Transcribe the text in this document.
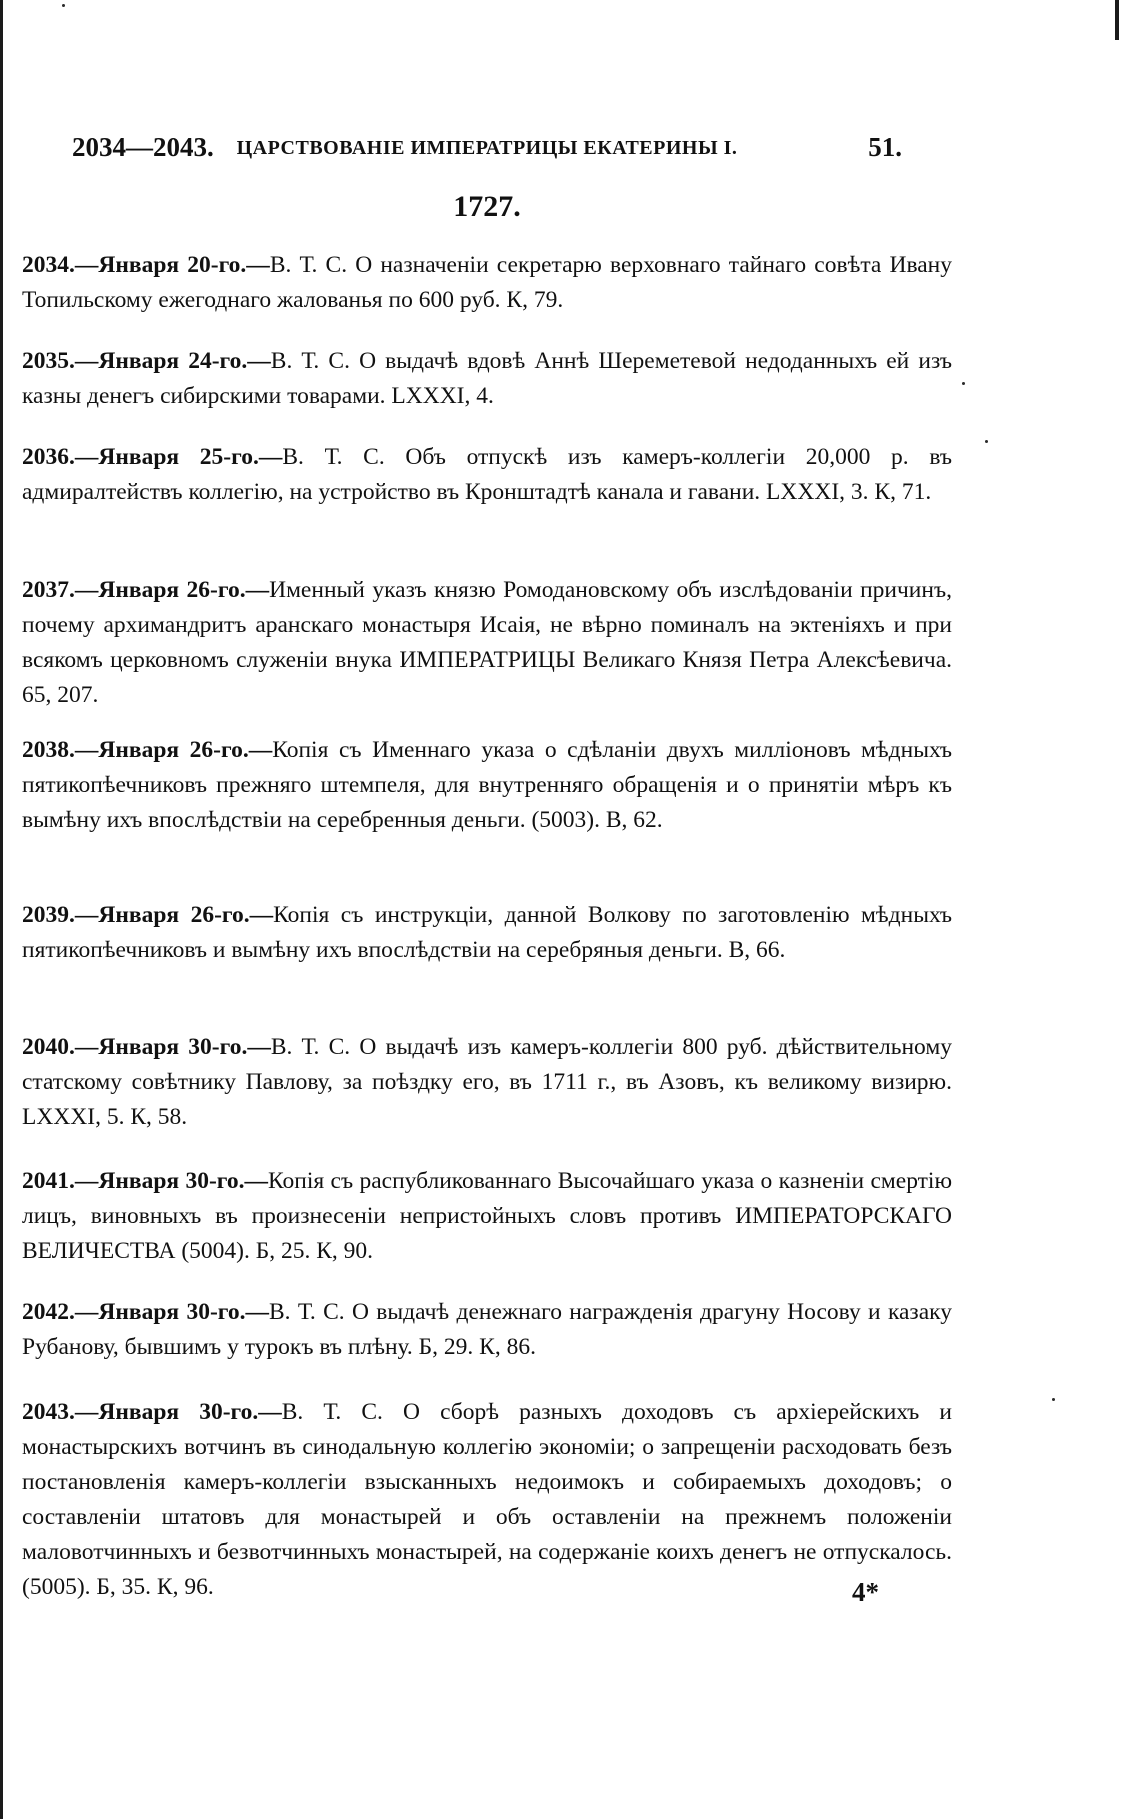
2034—2043.	ЦАРСТВОВАНІЕ ИМПЕРАТРИЦЫ ЕКАТЕРИНЫ I.	51.
1727.
2034.—Января 20-го.—В. Т. С. О назначеніи секретарю верховнаго тайнаго совѣта Ивану Топильскому ежегоднаго жалованья по 600 руб. К, 79.
2035.—Января 24-го.—В. Т. С. О выдачѣ вдовѣ Аннѣ Шереметевой недоданныхъ ей изъ казны денегъ сибирскими товарами. LXXXI, 4.
2036.—Января 25-го.—В. Т. С. Объ отпускѣ изъ камеръ-коллегіи 20,000 р. въ адмиралтействъ коллегію, на устройство въ Кронштадтѣ канала и гавани. LXXXI, 3. К, 71.
2037.—Января 26-го.—Именный указъ князю Ромодановскому объ изслѣдованіи причинъ, почему архимандритъ аранскаго монастыря Исаія, не вѣрно поминалъ на эктеніяхъ и при всякомъ церковномъ служеніи внука ИМПЕРАТРИЦЫ Великаго Князя Петра Алексѣевича. 65, 207.
2038.—Января 26-го.—Копія съ Именнаго указа о сдѣланіи двухъ милліоновъ мѣдныхъ пятикопѣечниковъ прежняго штемпеля, для внутренняго обращенія и о принятіи мѣръ къ вымѣну ихъ впослѣдствіи на серебренныя деньги. (5003). В, 62.
2039.—Января 26-го.—Копія съ инструкціи, данной Волкову по заготовленію мѣдныхъ пятикопѣечниковъ и вымѣну ихъ впослѣдствіи на серебряныя деньги. В, 66.
2040.—Января 30-го.—В. Т. С. О выдачѣ изъ камеръ-коллегіи 800 руб. дѣйствительному статскому совѣтнику Павлову, за поѣздку его, въ 1711 г., въ Азовъ, къ великому визирю. LXXXI, 5. К, 58.
2041.—Января 30-го.—Копія съ распубликованнаго Высочайшаго указа о казненіи смертію лицъ, виновныхъ въ произнесеніи непристойныхъ словъ противъ ИМПЕРАТОРСКАГО ВЕЛИЧЕСТВА (5004). Б, 25. К, 90.
2042.—Января 30-го.—В. Т. С. О выдачѣ денежнаго награжденія драгуну Носову и казаку Рубанову, бывшимъ у турокъ въ плѣну. Б, 29. К, 86.
2043.—Января 30-го.—В. Т. С. О сборѣ разныхъ доходовъ съ архіерейскихъ и монастырскихъ вотчинъ въ синодальную коллегію экономіи; о запрещеніи расходовать безъ постановленія камеръ-коллегіи взысканныхъ недоимокъ и собираемыхъ доходовъ; о составленіи штатовъ для монастырей и объ оставленіи на прежнемъ положеніи маловотчинныхъ и безвотчинныхъ монастырей, на содержаніе коихъ денегъ не отпускалось. (5005). Б, 35. К, 96.	4*
